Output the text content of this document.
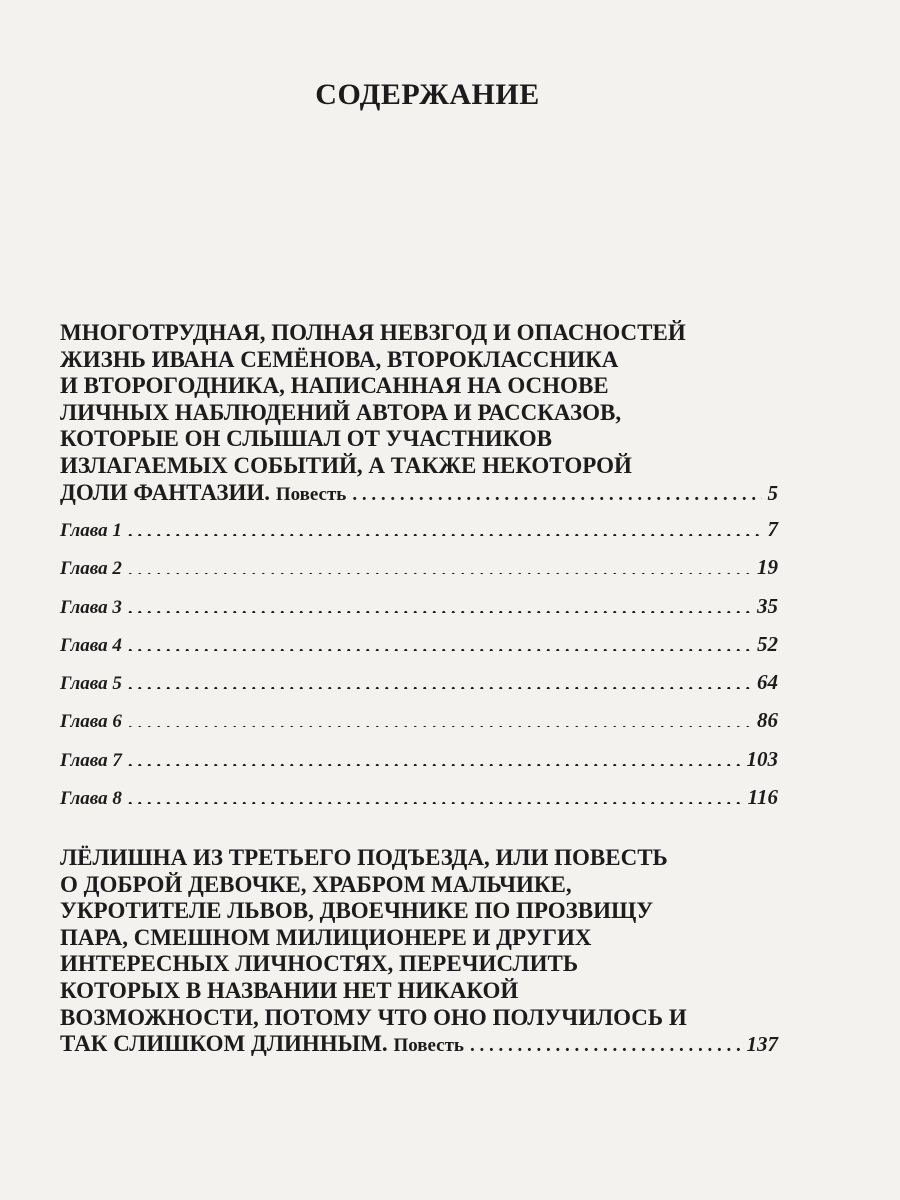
СОДЕРЖАНИЕ
МНОГОТРУДНАЯ, ПОЛНАЯ НЕВЗГОД И ОПАСНОСТЕЙ
ЖИЗНЬ ИВАНА СЕМЁНОВА, ВТОРОКЛАССНИКА
И ВТОРОГОДНИКА, НАПИСАННАЯ НА ОСНОВЕ
ЛИЧНЫХ НАБЛЮДЕНИЙ АВТОРА И РАССКАЗОВ,
КОТОРЫЕ ОН СЛЫШАЛ ОТ УЧАСТНИКОВ
ИЗЛАГАЕМЫХ СОБЫТИЙ, А ТАКЖЕ НЕКОТОРОЙ
ДОЛИ ФАНТАЗИИ.
Повесть . . .	5
Глава 1 . . .	7
Глава 2 . . .	19
Глава 3 . . .	35
Глава 4 . . .	52
Глава 5 . . .	64
Глава 6 . . .	86
Глава 7 . . .	103
Глава 8 . . .	116
ЛЁЛИШНА ИЗ ТРЕТЬЕГО ПОДЪЕЗДА, ИЛИ ПОВЕСТЬ
О ДОБРОЙ ДЕВОЧКЕ, ХРАБРОМ МАЛЬЧИКЕ,
УКРОТИТЕЛЕ ЛЬВОВ, ДВОЕЧНИКЕ ПО ПРОЗВИЩУ
ПАРА, СМЕШНОМ МИЛИЦИОНЕРЕ И ДРУГИХ
ИНТЕРЕСНЫХ ЛИЧНОСТЯХ, ПЕРЕЧИСЛИТЬ
КОТОРЫХ В НАЗВАНИИ НЕТ НИКАКОЙ
ВОЗМОЖНОСТИ, ПОТОМУ ЧТО ОНО ПОЛУЧИЛОСЬ И
ТАК СЛИШКОМ ДЛИННЫМ.
Повесть . . .	137
